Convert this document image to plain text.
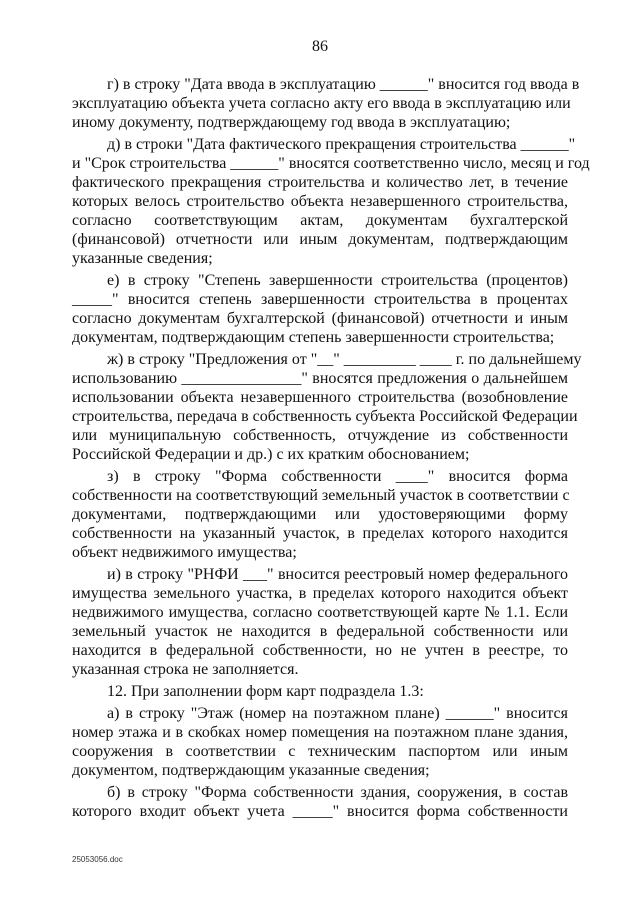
86
г) в строку "Дата ввода в эксплуатацию ______" вносится год ввода в
эксплуатацию объекта учета согласно акту его ввода в эксплуатацию или
иному документу, подтверждающему год ввода в эксплуатацию;
д) в строки "Дата фактического прекращения строительства ______"
и "Срок строительства ______" вносятся соответственно число, месяц и год
фактического прекращения строительства и количество лет, в течение
которых велось строительство объекта незавершенного строительства,
согласно соответствующим актам, документам бухгалтерской
(финансовой) отчетности или иным документам, подтверждающим
указанные сведения;
е) в строку "Степень завершенности строительства (процентов)
_____" вносится степень завершенности строительства в процентах
согласно документам бухгалтерской (финансовой) отчетности и иным
документам, подтверждающим степень завершенности строительства;
ж) в строку "Предложения от "__" _________ ____ г. по дальнейшему
использованию _______________" вносятся предложения о дальнейшем
использовании объекта незавершенного строительства (возобновление
строительства, передача в собственность субъекта Российской Федерации
или муниципальную собственность, отчуждение из собственности
Российской Федерации и др.) с их кратким обоснованием;
з) в строку "Форма собственности ____" вносится форма
собственности на соответствующий земельный участок в соответствии с
документами, подтверждающими или удостоверяющими форму
собственности на указанный участок, в пределах которого находится
объект недвижимого имущества;
и) в строку "РНФИ ___" вносится реестровый номер федерального
имущества земельного участка, в пределах которого находится объект
недвижимого имущества, согласно соответствующей карте № 1.1. Если
земельный участок не находится в федеральной собственности или
находится в федеральной собственности, но не учтен в реестре, то
указанная строка не заполняется.
12. При заполнении форм карт подраздела 1.3:
а) в строку "Этаж (номер на поэтажном плане) ______" вносится
номер этажа и в скобках номер помещения на поэтажном плане здания,
сооружения в соответствии с техническим паспортом или иным
документом, подтверждающим указанные сведения;
б) в строку "Форма собственности здания, сооружения, в состав
которого входит объект учета _____" вносится форма собственности
25053056.doc
